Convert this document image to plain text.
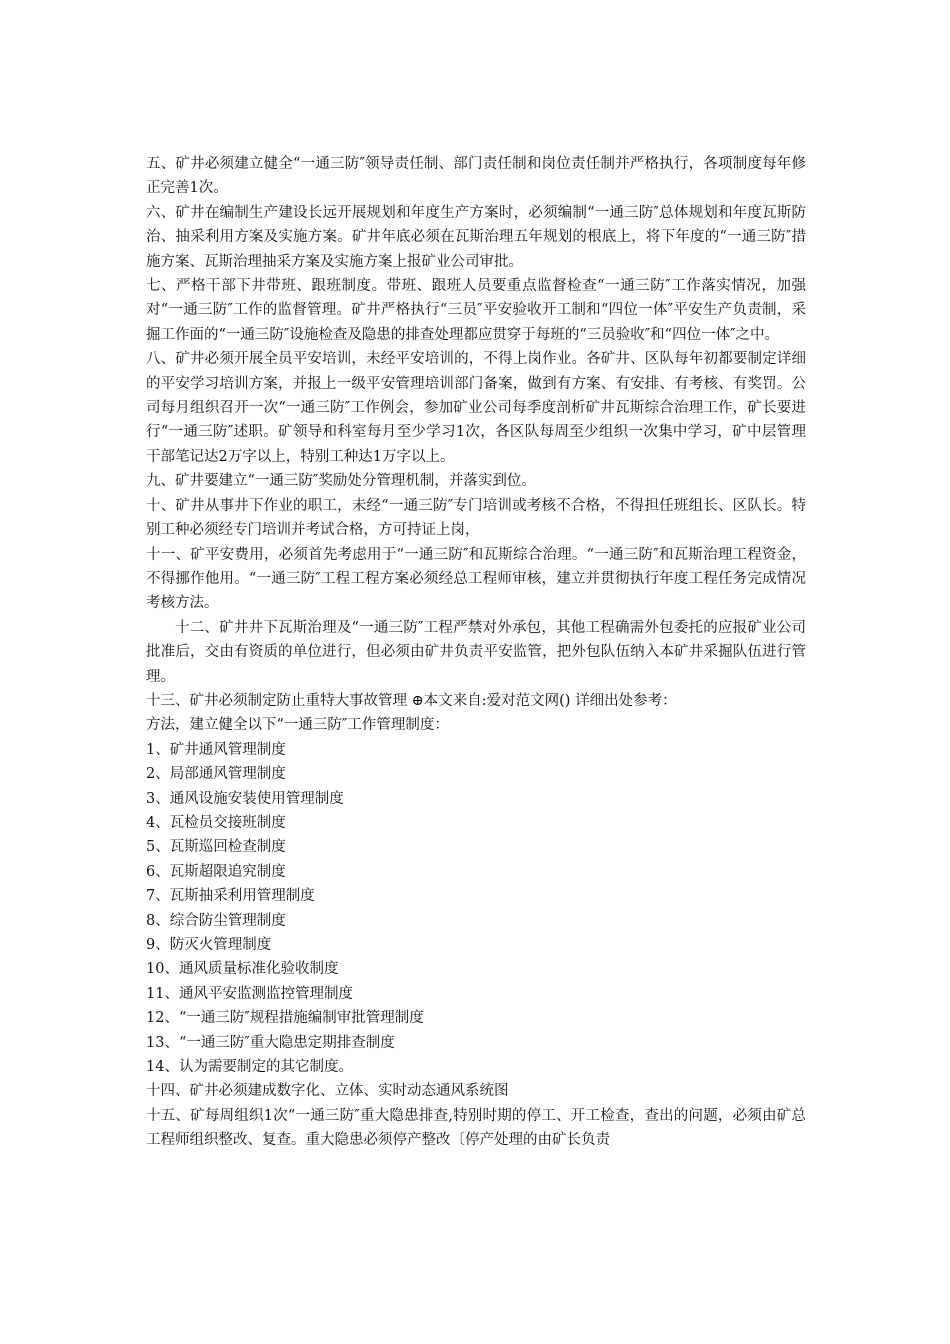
五、矿井必须建立健全“一通三防″领导责任制、部门责任制和岗位责任制并严格执行，各项制度每年修正完善1次。

六、矿井在编制生产建设长远开展规划和年度生产方案时，必须编制“一通三防″总体规划和年度瓦斯防治、抽采利用方案及实施方案。矿井年底必须在瓦斯治理五年规划的根底上，将下年度的“一通三防″措施方案、瓦斯治理抽采方案及实施方案上报矿业公司审批。

七、严格干部下井带班、跟班制度。带班、跟班人员要重点监督检查“一通三防″工作落实情况，加强对“一通三防″工作的监督管理。矿井严格执行“三员″平安验收开工制和“四位一体″平安生产负责制，采掘工作面的“一通三防″设施检查及隐患的排查处理都应贯穿于每班的“三员验收″和“四位一体″之中。

八、矿井必须开展全员平安培训，未经平安培训的，不得上岗作业。各矿井、区队每年初都要制定详细的平安学习培训方案，并报上一级平安管理培训部门备案，做到有方案、有安排、有考核、有奖罚。公司每月组织召开一次“一通三防″工作例会，参加矿业公司每季度剖析矿井瓦斯综合治理工作，矿长要进行“一通三防″述职。矿领导和科室每月至少学习1次，各区队每周至少组织一次集中学习，矿中层管理干部笔记达2万字以上，特别工种达1万字以上。

九、矿井要建立“一通三防″奖励处分管理机制，并落实到位。

十、矿井从事井下作业的职工，未经“一通三防″专门培训或考核不合格，不得担任班组长、区队长。特别工种必须经专门培训并考试合格，方可持证上岗，

十一、矿平安费用，必须首先考虑用于“一通三防″和瓦斯综合治理。“一通三防″和瓦斯治理工程资金，不得挪作他用。“一通三防″工程工程方案必须经总工程师审核，建立并贯彻执行年度工程任务完成情况考核方法。

十二、矿井井下瓦斯治理及“一通三防″工程严禁对外承包，其他工程确需外包委托的应报矿业公司批准后，交由有资质的单位进行，但必须由矿井负责平安监管，把外包队伍纳入本矿井采掘队伍进行管理。

十三、矿井必须制定防止重特大事故管理 ⊕本文来自:爱对范文网() 详细出处参考：

方法，建立健全以下“一通三防″工作管理制度：

1、矿井通风管理制度

2、局部通风管理制度

3、通风设施安装使用管理制度

4、瓦检员交接班制度

5、瓦斯巡回检查制度

6、瓦斯超限追究制度

7、瓦斯抽采利用管理制度

8、综合防尘管理制度

9、防灭火管理制度

10、通风质量标准化验收制度

11、通风平安监测监控管理制度

12、“一通三防″规程措施编制审批管理制度

13、“一通三防″重大隐患定期排查制度

14、认为需要制定的其它制度。

十四、矿井必须建成数字化、立体、实时动态通风系统图

十五、矿每周组织1次“一通三防″重大隐患排查,特别时期的停工、开工检查，查出的问题，必须由矿总工程师组织整改、复查。重大隐患必须停产整改〔停产处理的由矿长负责
